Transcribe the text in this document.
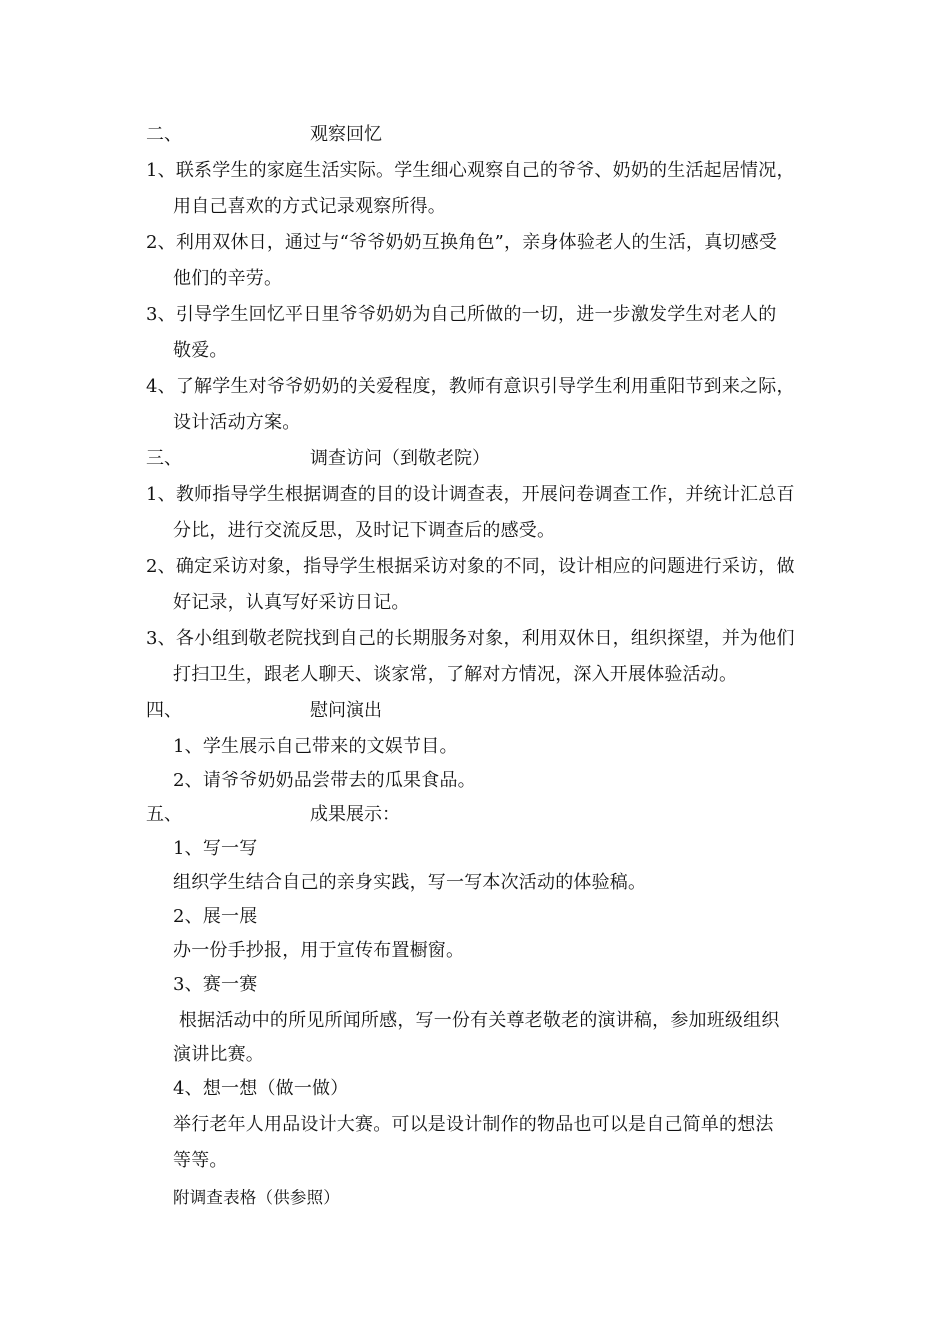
二、	观察回忆
1、联系学生的家庭生活实际。学生细心观察自己的爷爷、奶奶的生活起居情况，
用自己喜欢的方式记录观察所得。
2、利用双休日，通过与“爷爷奶奶互换角色”，亲身体验老人的生活，真切感受
他们的辛劳。
3、引导学生回忆平日里爷爷奶奶为自己所做的一切，进一步激发学生对老人的
敬爱。
4、了解学生对爷爷奶奶的关爱程度，教师有意识引导学生利用重阳节到来之际，
设计活动方案。
三、	调查访问（到敬老院）
1、教师指导学生根据调查的目的设计调查表，开展问卷调查工作，并统计汇总百
分比，进行交流反思，及时记下调查后的感受。
2、确定采访对象，指导学生根据采访对象的不同，设计相应的问题进行采访，做
好记录，认真写好采访日记。
3、各小组到敬老院找到自己的长期服务对象，利用双休日，组织探望，并为他们
打扫卫生，跟老人聊天、谈家常，了解对方情况，深入开展体验活动。
四、	慰问演出
1、学生展示自己带来的文娱节目。
2、请爷爷奶奶品尝带去的瓜果食品。
五、	成果展示：
1、写一写
组织学生结合自己的亲身实践，写一写本次活动的体验稿。
2、展一展
办一份手抄报，用于宣传布置橱窗。
3、赛一赛
根据活动中的所见所闻所感，写一份有关尊老敬老的演讲稿，参加班级组织
演讲比赛。
4、想一想（做一做）
举行老年人用品设计大赛。可以是设计制作的物品也可以是自己简单的想法
等等。
附调查表格（供参照）
